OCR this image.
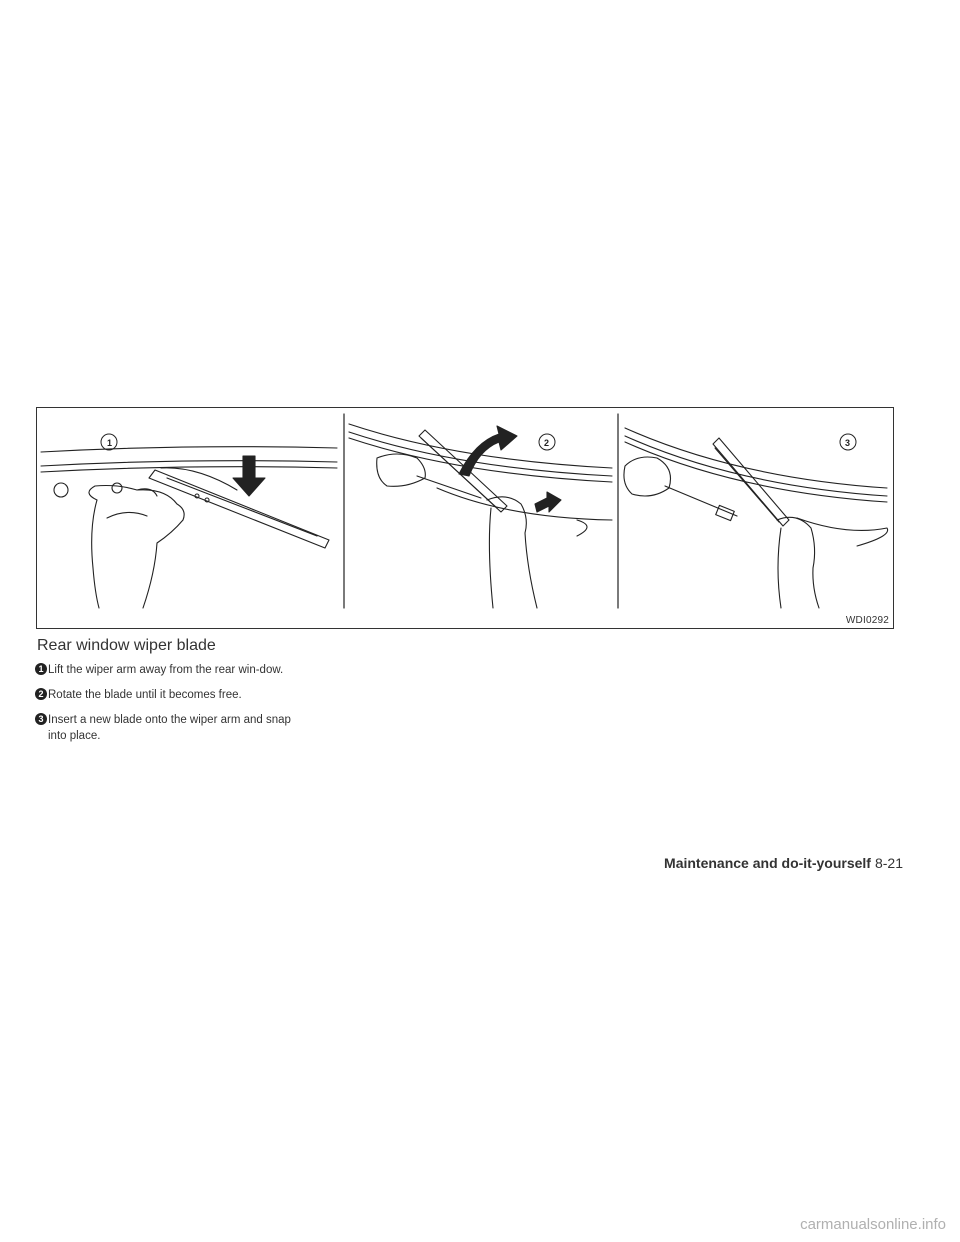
1	2	3
WDI0292
Rear window wiper blade
1 Lift the wiper arm away from the rear win-dow.
2 Rotate the blade until it becomes free.
3 Insert a new blade onto the wiper arm and snap into place.
Maintenance and do-it-yourself 8-21
carmanualsonline.info
